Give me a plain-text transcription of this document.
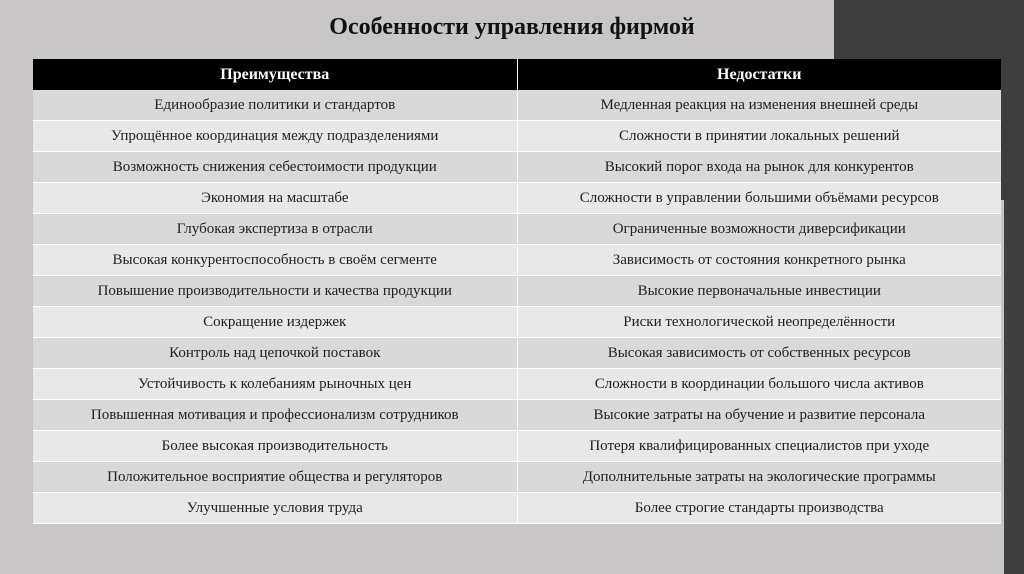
Особенности управления фирмой
Преимущества	Недостатки
Единообразие политики и стандартов	Медленная реакция на изменения внешней среды
Упрощённое координация между подразделениями	Сложности в принятии локальных решений
Возможность снижения себестоимости продукции	Высокий порог входа на рынок для конкурентов
Экономия на масштабе	Сложности в управлении большими объёмами ресурсов
Глубокая экспертиза в отрасли	Ограниченные возможности диверсификации
Высокая конкурентоспособность в своём сегменте	Зависимость от состояния конкретного рынка
Повышение производительности и качества продукции	Высокие первоначальные инвестиции
Сокращение издержек	Риски технологической неопределённости
Контроль над цепочкой поставок	Высокая зависимость от собственных ресурсов
Устойчивость к колебаниям рыночных цен	Сложности в координации большого числа активов
Повышенная мотивация и профессионализм сотрудников	Высокие затраты на обучение и развитие персонала
Более высокая производительность	Потеря квалифицированных специалистов при уходе
Положительное восприятие общества и регуляторов	Дополнительные затраты на экологические программы
Улучшенные условия труда	Более строгие стандарты производства
